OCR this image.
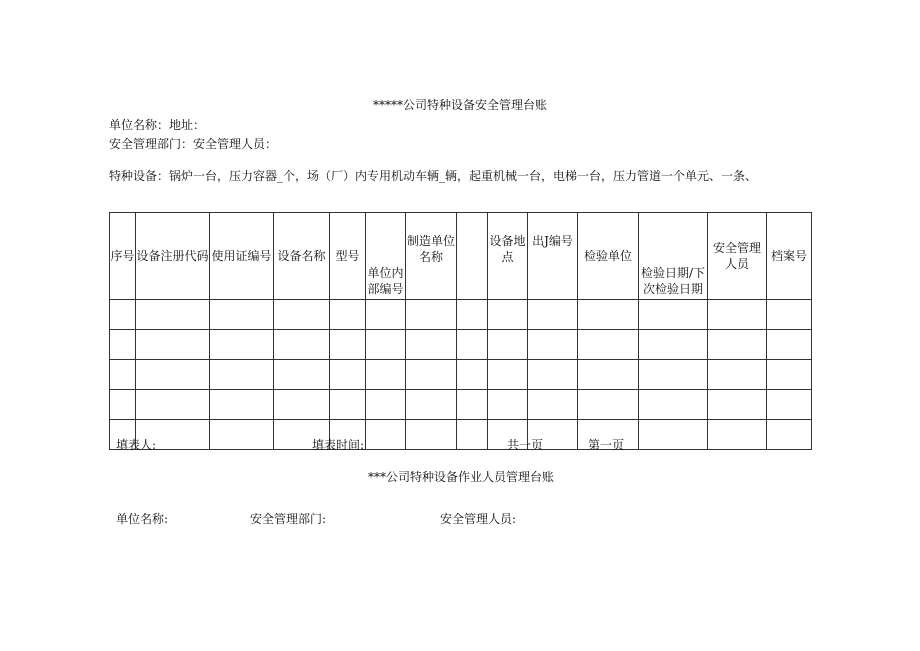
*****公司特种设备安全管理台账
单位名称：地址：
安全管理部门：安全管理人员：
特种设备：锅炉一台，压力容器_个，场（厂）内专用机动车辆_辆，起重机械一台，电梯一台，压力管道一个单元、一条、
序号	设备注册代码	使用证编号	设备名称	型号	单位内部编号	制造单位名称		设备地点	出J编号	检验单位	检验日期/下次检验日期	安全管理人员	档案号

填表人:	填表时间:	共一页	第一页
***公司特种设备作业人员管理台账
单位名称:	安全管理部门:	安全管理人员:
